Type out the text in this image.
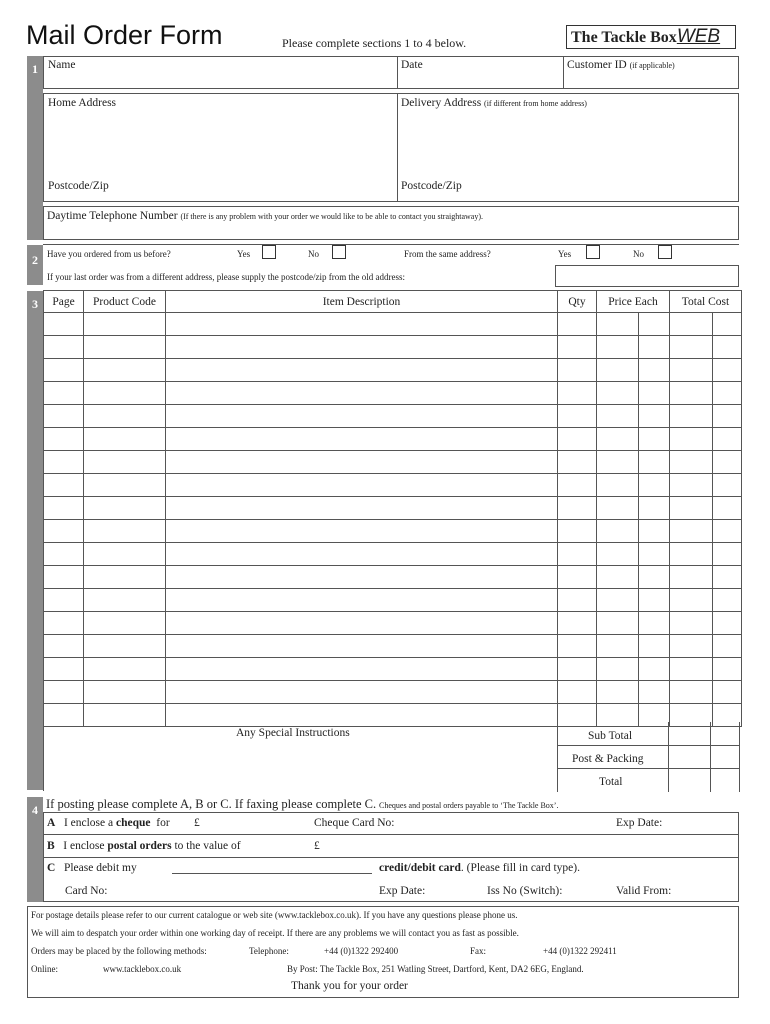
Mail Order Form	Please complete sections 1 to 4 below.	The Tackle BoxWEB
1 Name	Date	Customer ID (if applicable)
Home Address	Delivery Address (if different from home address)
Postcode/Zip	Postcode/Zip
Daytime Telephone Number (If there is any problem with your order we would like to be able to contact you straightaway).
2	Have you ordered from us before?	Yes	No	From the same address?	Yes	No
If your last order was from a different address, please supply the postcode/zip from the old address:
3	Page	Product Code	Item Description	Qty	Price Each		Total Cost	

Any Special Instructions	Sub Total
Post & Packing
Total
4 If posting please complete A, B or C. If faxing please complete C. Cheques and postal orders payable to ‘The Tackle Box’.
A I enclose a cheque for £	Cheque Card No:	Exp Date:
B I enclose postal orders to the value of	£
C Please debit my	credit/debit card. (Please fill in card type).
Card No:	Exp Date:	Iss No (Switch):	Valid From:
For postage details please refer to our current catalogue or web site (www.tacklebox.co.uk). If you have any questions please phone us.
We will aim to despatch your order within one working day of receipt. If there are any problems we will contact you as fast as possible.
Orders may be placed by the following methods:	Telephone:	+44 (0)1322 292400	Fax:	+44 (0)1322 292411
Online:	www.tacklebox.co.uk	By Post: The Tackle Box, 251 Watling Street, Dartford, Kent, DA2 6EG, England.
Thank you for your order
